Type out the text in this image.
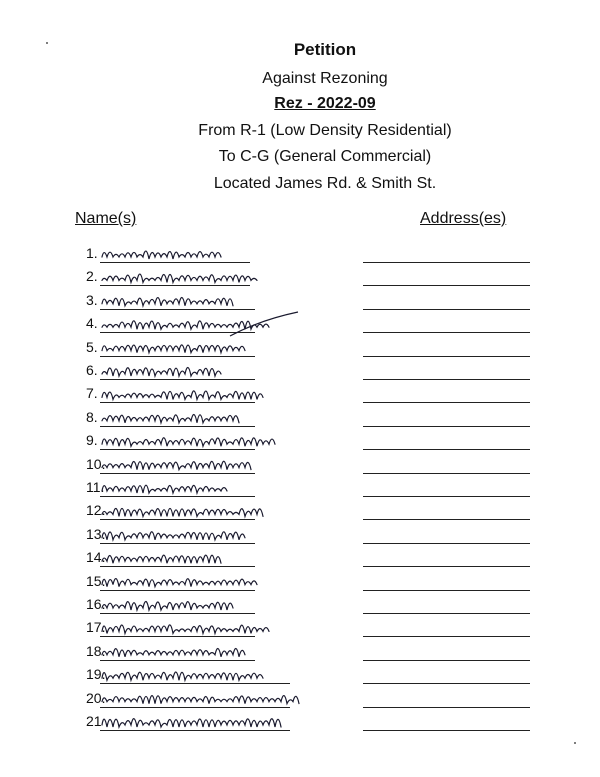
Petition
Against Rezoning
Rez - 2022-09
From R-1 (Low Density Residential)
To C-G (General Commercial)
Located James Rd. & Smith St.
Name(s)	Address(es)
1.
2.
3.
4.
5.
6.
7.
8.
9.
10.
11.
12.
13.
14.
15.
16.
17.
18.
19.
20.
21
